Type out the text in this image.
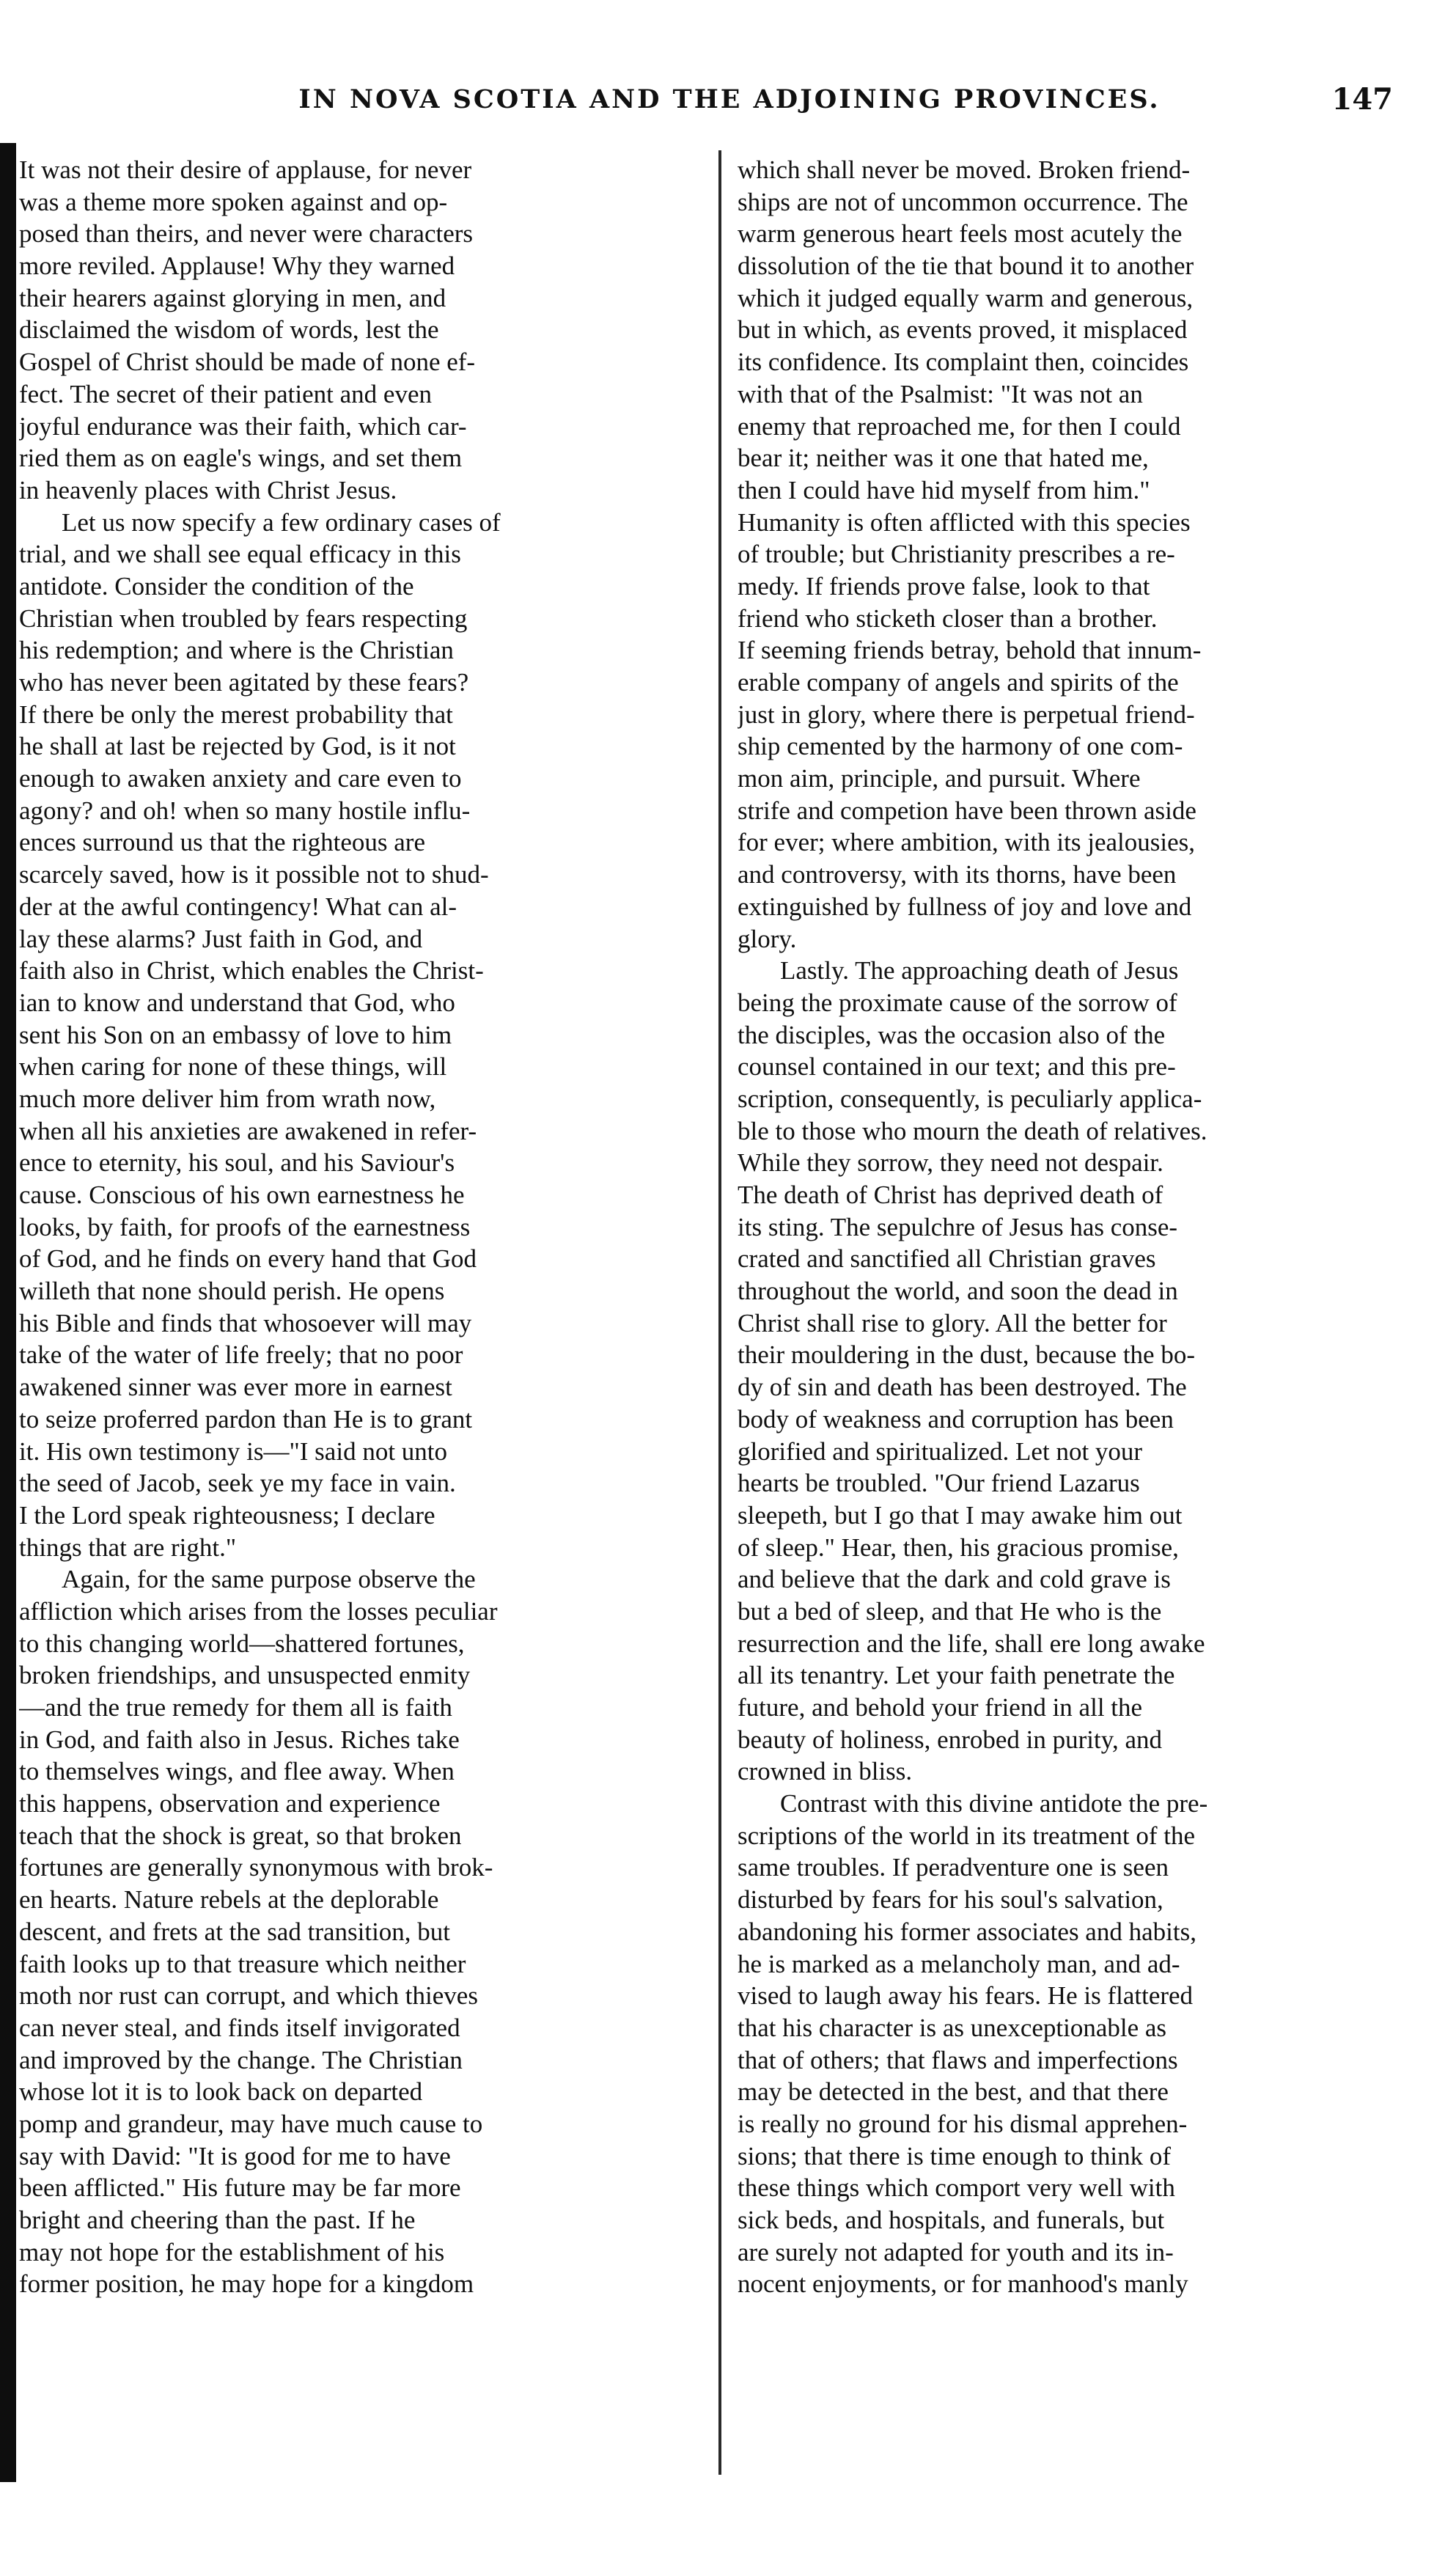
IN NOVA SCOTIA AND THE ADJOINING PROVINCES.	147
It was not their desire of applause, for never
was a theme more spoken against and op-
posed than theirs, and never were characters
more reviled. Applause! Why they warned
their hearers against glorying in men, and
disclaimed the wisdom of words, lest the
Gospel of Christ should be made of none ef-
fect. The secret of their patient and even
joyful endurance was their faith, which car-
ried them as on eagle's wings, and set them
in heavenly places with Christ Jesus.
Let us now specify a few ordinary cases of
trial, and we shall see equal efficacy in this
antidote. Consider the condition of the
Christian when troubled by fears respecting
his redemption; and where is the Christian
who has never been agitated by these fears?
If there be only the merest probability that
he shall at last be rejected by God, is it not
enough to awaken anxiety and care even to
agony? and oh! when so many hostile influ-
ences surround us that the righteous are
scarcely saved, how is it possible not to shud-
der at the awful contingency! What can al-
lay these alarms? Just faith in God, and
faith also in Christ, which enables the Christ-
ian to know and understand that God, who
sent his Son on an embassy of love to him
when caring for none of these things, will
much more deliver him from wrath now,
when all his anxieties are awakened in refer-
ence to eternity, his soul, and his Saviour's
cause. Conscious of his own earnestness he
looks, by faith, for proofs of the earnestness
of God, and he finds on every hand that God
willeth that none should perish. He opens
his Bible and finds that whosoever will may
take of the water of life freely; that no poor
awakened sinner was ever more in earnest
to seize proferred pardon than He is to grant
it. His own testimony is—"I said not unto
the seed of Jacob, seek ye my face in vain.
I the Lord speak righteousness; I declare
things that are right."
Again, for the same purpose observe the
affliction which arises from the losses peculiar
to this changing world—shattered fortunes,
broken friendships, and unsuspected enmity
—and the true remedy for them all is faith
in God, and faith also in Jesus. Riches take
to themselves wings, and flee away. When
this happens, observation and experience
teach that the shock is great, so that broken
fortunes are generally synonymous with brok-
en hearts. Nature rebels at the deplorable
descent, and frets at the sad transition, but
faith looks up to that treasure which neither
moth nor rust can corrupt, and which thieves
can never steal, and finds itself invigorated
and improved by the change. The Christian
whose lot it is to look back on departed
pomp and grandeur, may have much cause to
say with David: "It is good for me to have
been afflicted." His future may be far more
bright and cheering than the past. If he
may not hope for the establishment of his
former position, he may hope for a kingdom
which shall never be moved. Broken friend-
ships are not of uncommon occurrence. The
warm generous heart feels most acutely the
dissolution of the tie that bound it to another
which it judged equally warm and generous,
but in which, as events proved, it misplaced
its confidence. Its complaint then, coincides
with that of the Psalmist: "It was not an
enemy that reproached me, for then I could
bear it; neither was it one that hated me,
then I could have hid myself from him."
Humanity is often afflicted with this species
of trouble; but Christianity prescribes a re-
medy. If friends prove false, look to that
friend who sticketh closer than a brother.
If seeming friends betray, behold that innum-
erable company of angels and spirits of the
just in glory, where there is perpetual friend-
ship cemented by the harmony of one com-
mon aim, principle, and pursuit. Where
strife and competion have been thrown aside
for ever; where ambition, with its jealousies,
and controversy, with its thorns, have been
extinguished by fullness of joy and love and
glory.
Lastly. The approaching death of Jesus
being the proximate cause of the sorrow of
the disciples, was the occasion also of the
counsel contained in our text; and this pre-
scription, consequently, is peculiarly applica-
ble to those who mourn the death of relatives.
While they sorrow, they need not despair.
The death of Christ has deprived death of
its sting. The sepulchre of Jesus has conse-
crated and sanctified all Christian graves
throughout the world, and soon the dead in
Christ shall rise to glory. All the better for
their mouldering in the dust, because the bo-
dy of sin and death has been destroyed. The
body of weakness and corruption has been
glorified and spiritualized. Let not your
hearts be troubled. "Our friend Lazarus
sleepeth, but I go that I may awake him out
of sleep." Hear, then, his gracious promise,
and believe that the dark and cold grave is
but a bed of sleep, and that He who is the
resurrection and the life, shall ere long awake
all its tenantry. Let your faith penetrate the
future, and behold your friend in all the
beauty of holiness, enrobed in purity, and
crowned in bliss.
Contrast with this divine antidote the pre-
scriptions of the world in its treatment of the
same troubles. If peradventure one is seen
disturbed by fears for his soul's salvation,
abandoning his former associates and habits,
he is marked as a melancholy man, and ad-
vised to laugh away his fears. He is flattered
that his character is as unexceptionable as
that of others; that flaws and imperfections
may be detected in the best, and that there
is really no ground for his dismal apprehen-
sions; that there is time enough to think of
these things which comport very well with
sick beds, and hospitals, and funerals, but
are surely not adapted for youth and its in-
nocent enjoyments, or for manhood's manly
